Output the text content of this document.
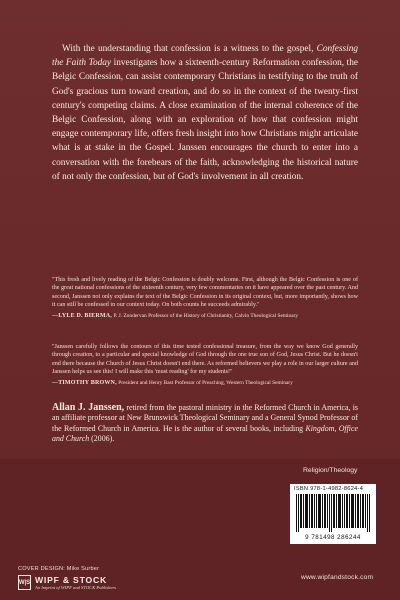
With the understanding that confession is a witness to the gospel, Confessing the Faith Today investigates how a sixteenth-century Reformation confession, the Belgic Confession, can assist contemporary Christians in testifying to the truth of God's gracious turn toward creation, and do so in the context of the twenty-first century's competing claims. A close examination of the internal coherence of the Belgic Confession, along with an exploration of how that confession might engage contemporary life, offers fresh insight into how Christians might articulate what is at stake in the Gospel. Janssen encourages the church to enter into a conversation with the forebears of the faith, acknowledging the historical nature of not only the confession, but of God's involvement in all creation.

"This fresh and lively reading of the Belgic Confession is doubly welcome. First, although the Belgic Confession is one of the great national confessions of the sixteenth century, very few commentaries on it have appeared over the past century. And second, Janssen not only explains the text of the Belgic Confession in its original context, but, more importantly, shows how it can still be confessed in our context today. On both counts he succeeds admirably."
—LYLE D. BIERMA, P. J. Zondervan Professor of the History of Christianity, Calvin Theological Seminary
"Janssen carefully follows the contours of this time tested confessional treasure, from the way we know God generally through creation, to a particular and special knowledge of God through the one true son of God, Jesus Christ. But he doesn't end there because the Church of Jesus Christ doesn't end there. As reformed believers we play a role in our larger culture and Janssen helps us see this! I will make this 'must reading' for my students!"
—TIMOTHY BROWN, President and Henry Bast Professor of Preaching, Western Theological Seminary
Allan J. Janssen, retired from the pastoral ministry in the Reformed Church in America, is an affiliate professor at New Brunswick Theological Seminary and a General Synod Professor of the Reformed Church in America. He is the author of several books, including Kingdom, Office and Church (2006).
Religion/Theology
ISBN 978-1-4982-8624-4
9 781498 286244
COVER DESIGN: Mike Surber
W|S WIPF & STOCK
An Imprint of WIPF and STOCK Publishers
www.wipfandstock.com
